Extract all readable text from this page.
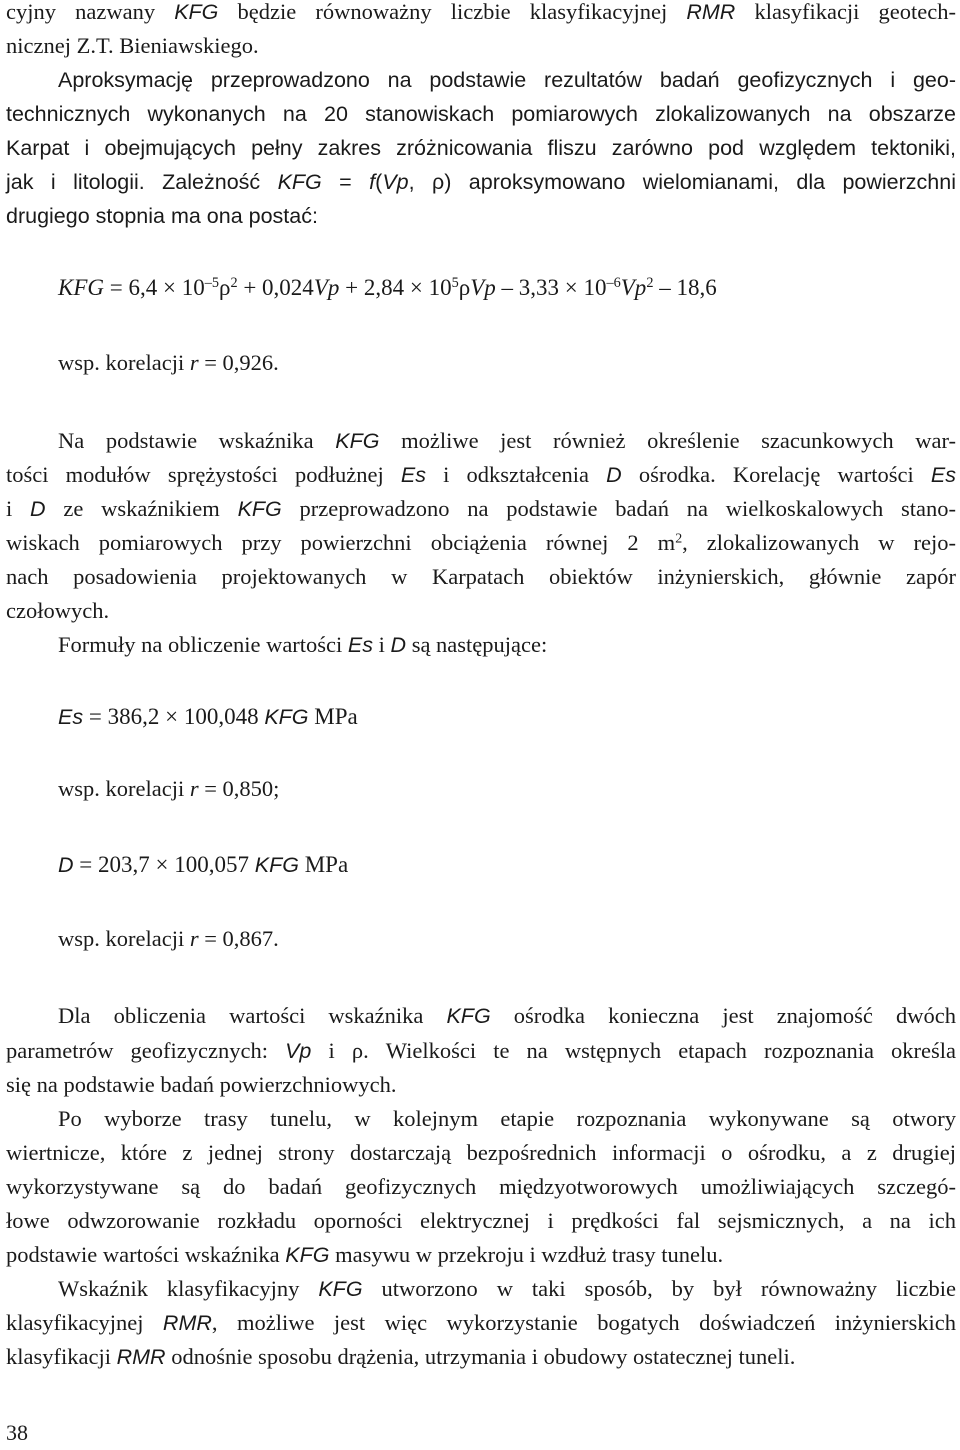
cyjny nazwany KFG będzie równoważny liczbie klasyfikacyjnej RMR klasyfikacji geotech-
nicznej Z.T. Bieniawskiego.
Aproksymację przeprowadzono na podstawie rezultatów badań geofizycznych i geo-
technicznych wykonanych na 20 stanowiskach pomiarowych zlokalizowanych na obszarze
Karpat i obejmujących pełny zakres zróżnicowania fliszu zarówno pod względem tektoniki,
jak i litologii. Zależność KFG = f(Vp, ρ) aproksymowano wielomianami, dla powierzchni
drugiego stopnia ma ona postać:
KFG = $6,4 \times 10^{-5}\rho^2 + 0,024Vp + 2,84 \times 10^5\rho Vp - 3,33 \times 10^{-6}Vp^2 - 18,6$
wsp. korelacji r = 0,926.
Na podstawie wskaźnika KFG możliwe jest również określenie szacunkowych war-
tości modułów sprężystości podłużnej Es i odkształcenia D ośrodka. Korelację wartości Es
i D ze wskaźnikiem KFG przeprowadzono na podstawie badań na wielkoskalowych stano-
wiskach pomiarowych przy powierzchni obciążenia równej 2 $m^2$, zlokalizowanych w rejo-
nach posadowienia projektowanych w Karpatach obiektów inżynierskich, głównie zapór
czołowych.
Formuły na obliczenie wartości Es i D są następujące:
Es = 386,2 × 100,048 KFG MPa
wsp. korelacji r = 0,850;
D = 203,7 × 100,057 KFG MPa
wsp. korelacji r = 0,867.
Dla obliczenia wartości wskaźnika KFG ośrodka konieczna jest znajomość dwóch
parametrów geofizycznych: Vp i ρ. Wielkości te na wstępnych etapach rozpoznania określa
się na podstawie badań powierzchniowych.
Po wyborze trasy tunelu, w kolejnym etapie rozpoznania wykonywane są otwory
wiertnicze, które z jednej strony dostarczają bezpośrednich informacji o ośrodku, a z drugiej
wykorzystywane są do badań geofizycznych międzyotworowych umożliwiających szczegó-
łowe odwzorowanie rozkładu oporności elektrycznej i prędkości fal sejsmicznych, a na ich
podstawie wartości wskaźnika KFG masywu w przekroju i wzdłuż trasy tunelu.
Wskaźnik klasyfikacyjny KFG utworzono w taki sposób, by był równoważny liczbie
klasyfikacyjnej RMR, możliwe jest więc wykorzystanie bogatych doświadczeń inżynierskich
klasyfikacji RMR odnośnie sposobu drążenia, utrzymania i obudowy ostatecznej tuneli.
38
